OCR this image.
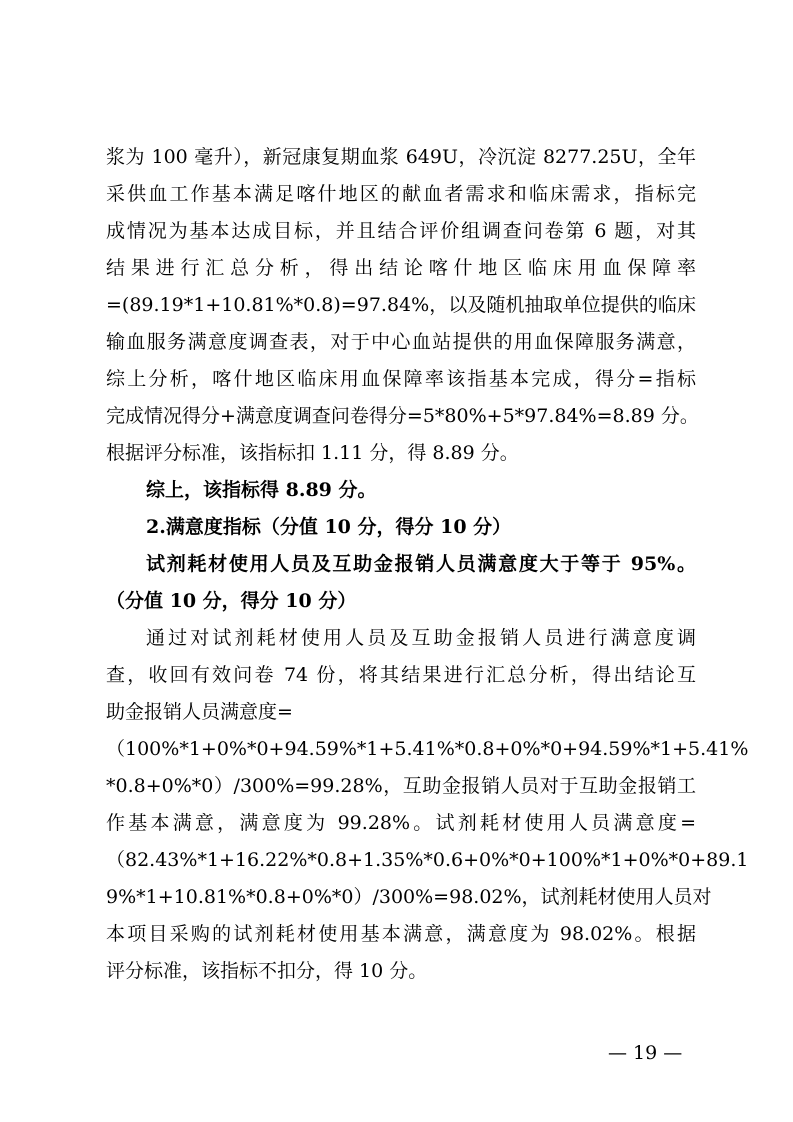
浆为 100 毫升），新冠康复期血浆 649U，冷沉淀 8277.25U，全年
采供血工作基本满足喀什地区的献血者需求和临床需求，指标完
成情况为基本达成目标，并且结合评价组调查问卷第 6 题，对其
结果进行汇总分析，得出结论喀什地区临床用血保障率
=(89.19*1+10.81%*0.8)=97.84%，以及随机抽取单位提供的临床
输血服务满意度调查表，对于中心血站提供的用血保障服务满意，
综上分析，喀什地区临床用血保障率该指基本完成，得分=指标
完成情况得分+满意度调查问卷得分=5*80%+5*97.84%=8.89 分。
根据评分标准，该指标扣 1.11 分，得 8.89 分。
综上，该指标得 8.89 分。
2.满意度指标（分值 10 分，得分 10 分）
试剂耗材使用人员及互助金报销人员满意度大于等于 95%。
（分值 10 分，得分 10 分）
通过对试剂耗材使用人员及互助金报销人员进行满意度调
查，收回有效问卷 74 份，将其结果进行汇总分析，得出结论互
助金报销人员满意度=
（100%*1+0%*0+94.59%*1+5.41%*0.8+0%*0+94.59%*1+5.41%
*0.8+0%*0）/300%=99.28%，互助金报销人员对于互助金报销工
作基本满意，满意度为 99.28%。试剂耗材使用人员满意度=
（82.43%*1+16.22%*0.8+1.35%*0.6+0%*0+100%*1+0%*0+89.1
9%*1+10.81%*0.8+0%*0）/300%=98.02%，试剂耗材使用人员对
本项目采购的试剂耗材使用基本满意，满意度为 98.02%。根据
评分标准，该指标不扣分，得 10 分。
— 19 —
